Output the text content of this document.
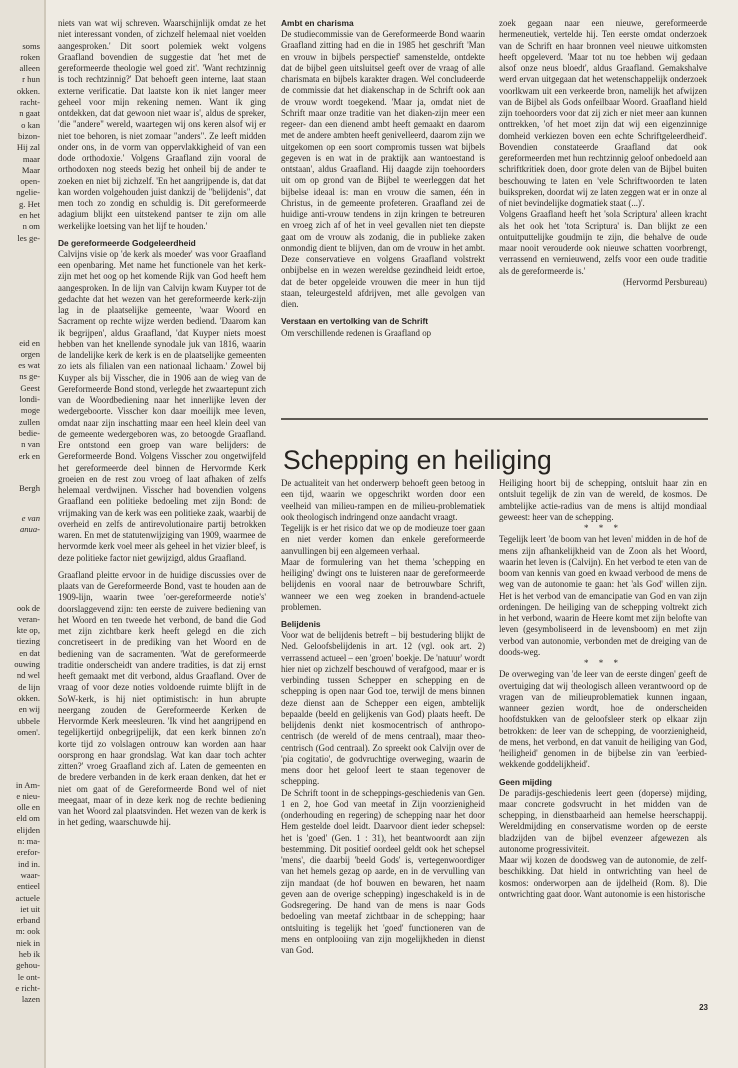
soms
roken
alleen
r hun
okken.
racht-
n gaat
o kan
bizon-
Hij zal
maar
Maar
open-
ngelie-
g. Het
en het
n om
les ge-

eid en
orgen
es wat
ns ge-
Geest
londi-
moge
zullen
bedie-
n van
erk en

Bergh

e van
anua-

ook de
veran-
kte op,
tiezing
en dat
ouwing
nd wel
de lijn
okken.
en wij
ubbele
omen'.

in Am-
e nieu-
olle en
eld om
elijden
n: ma-
erefor-
ind in.
waar-
entieel
actuele
iet uit
erband
m: ook
niek in
heb ik
gehou-
le ont-
e richt-
lazen

niets van wat wij schreven. Waarschijnlijk omdat ze het niet interessant vonden, of zichzelf helemaal niet voelden aangesproken.' Dit soort polemiek wekt volgens Graafland bovendien de suggestie dat 'het met de gereformeerde theologie wel goed zit'. 'Want rechtzinnig is toch rechtzinnig?' Dat behoeft geen interne, laat staan externe verificatie. Dat laatste kon ik niet langer meer geheel voor mijn rekening nemen. Want ik ging ontdekken, dat dat gewoon niet waar is', aldus de spreker, 'die "andere" wereld, waartegen wij ons keren alsof wij er niet toe behoren, is niet zomaar "anders". Ze leeft midden onder ons, in de vorm van oppervlakkigheid of van een dode orthodoxie.' Volgens Graafland zijn vooral de orthodoxen nog steeds bezig het onheil bij de ander te zoeken en niet bij zichzelf. 'En het aangrijpende is, dat dat kan worden volgehouden juist dankzij de "belijdenis", dat men toch zo zondig en schuldig is. Dit gereformeerde adagium blijkt een uitstekend pantser te zijn om alle werkelijke loetsing van het lijf te houden.'

De gereformeerde Godgeleerdheid

Calvijns visie op 'de kerk als moeder' was voor Graafland een openbaring. Met name het functionele van het kerk-zijn met het oog op het komende Rijk van God heeft hem aangesproken. In de lijn van Calvijn kwam Kuyper tot de gedachte dat het wezen van het gereformeerde kerk-zijn lag in de plaatselijke gemeente, 'waar Woord en Sacrament op rechte wijze werden bediend. 'Daarom kan ik begrijpen', aldus Graafland, 'dat Kuyper niets moest hebben van het knellende synodale juk van 1816, waarin de landelijke kerk de kerk is en de plaatselijke gemeenten zo iets als filialen van een nationaal lichaam.' Zowel bij Kuyper als bij Visscher, die in 1906 aan de wieg van de Gereformeerde Bond stond, verlegde het zwaartepunt zich van de Woordbediening naar het innerlijke leven der wedergeboorte. Visscher kon daar moeilijk mee leven, omdat naar zijn inschatting maar een heel klein deel van de gemeente wedergeboren was, zo betoogde Graafland. Ere ontstond een groep van ware belijders: de Gereformeerde Bond. Volgens Visscher zou ongetwijfeld het gereformeerde deel binnen de Hervormde Kerk groeien en de rest zou vroeg of laat afhaken of zelfs helemaal verdwijnen. Visscher had bovendien volgens Graafland een politieke bedoeling met zijn Bond: de vrijmaking van de kerk was een politieke zaak, waarbij de overheid en zelfs de antirevolutionaire partij betrokken waren. En met de statutenwijziging van 1909, waarmee de hervormde kerk voel meer als geheel in het vizier bleef, is deze politieke factor niet gewijzigd, aldus Graafland.

Graafland pleitte ervoor in de huidige discussies over de plaats van de Gereformeerde Bond, vast te houden aan de 1909-lijn, waarin twee 'oer-gereformeerde notie's' doorslaggevend zijn: ten eerste de zuivere bediening van het Woord en ten tweede het verbond, de band die God met zijn zichtbare kerk heeft gelegd en die zich concretiseert in de prediking van het Woord en de bediening van de sacramenten. 'Wat de gereformeerde traditie onderscheidt van andere tradities, is dat zij ernst heeft gemaakt met dit verbond, aldus Graafland. Over de vraag of voor deze noties voldoende ruimte blijft in de SoW-kerk, is hij niet optimistisch: in hun abrupte neergang zouden de Gereformeerde Kerken de Hervormde Kerk meesleuren. 'Ik vind het aangrijpend en tegelijkertijd onbegrijpelijk, dat een kerk binnen zo'n korte tijd zo volslagen ontrouw kan worden aan haar oorsprong en haar grondslag. Wat kan daar toch achter zitten?' vroeg Graafland zich af. Laten de gemeenten en de bredere verbanden in de kerk eraan denken, dat het er niet om gaat of de Gereformeerde Bond wel of niet meegaat, maar of in deze kerk nog de rechte bediening van het Woord zal plaatsvinden. Het wezen van de kerk is in het geding, waarschuwde hij.

Ambt en charisma

De studiecommissie van de Gereformeerde Bond waarin Graafland zitting had en die in 1985 het geschrift 'Man en vrouw in bijbels perspectief' samenstelde, ontdekte dat de bijbel geen uitsluitsel geeft over de vraag of alle charismata en bijbels karakter dragen. Wel concludeerde de commissie dat het diakenschap in de Schrift ook aan de vrouw wordt toegekend. 'Maar ja, omdat niet de Schrift maar onze traditie van het diaken-zijn meer een regeer- dan een dienend ambt heeft gemaakt en daarom met de andere ambten heeft genivelleerd, daarom zijn we uitgekomen op een soort compromis tussen wat bijbels gegeven is en wat in de praktijk aan wantoestand is ontstaan', aldus Graafland. Hij daagde zijn toehoorders uit om op grond van de Bijbel te weerleggen dat het bijbelse ideaal is: man en vrouw die samen, één in Christus, in de gemeente profeteren. Graafland zei de huidige anti-vrouw tendens in zijn kringen te betreuren en vroeg zich af of het in veel gevallen niet ten diepste gaat om de vrouw als zodanig, die in publieke zaken onmondig dient te blijven, dan om de vrouw in het ambt. Deze conservatieve en volgens Graafland volstrekt onbijbelse en in wezen wereldse gezindheid leidt ertoe, dat de beter opgeleide vrouwen die meer in hun tijd staan, teleurgesteld afdrijven, met alle gevolgen van dien.

Verstaan en vertolking van de Schrift

Om verschillende redenen is Graafland op

zoek gegaan naar een nieuwe, gereformeerde hermeneutiek, vertelde hij. Ten eerste omdat onderzoek van de Schrift en haar bronnen veel nieuwe uitkomsten heeft opgeleverd. 'Maar tot nu toe hebben wij gedaan alsof onze neus bloedt', aldus Graafland. Gemakshalve werd ervan uitgegaan dat het wetenschappelijk onderzoek voorlkwam uit een verkeerde bron, namelijk het afwijzen van de Bijbel als Gods onfeilbaar Woord. Graafland hield zijn toehoorders voor dat zij zich er niet meer aan kunnen onttrekken, 'of het moet zijn dat wij een eigenzinnige domheid verkiezen boven een echte Schriftgeleerdheid'. Bovendien constateerde Graafland dat ook gereformeerden met hun rechtzinnig geloof onbedoeld aan schriftkritiek doen, door grote delen van de Bijbel buiten beschouwing te laten en 'vele Schriftwoorden te laten buikspreken, doordat wij ze laten zeggen wat er in onze al of niet bevindelijke dogmatiek staat (...)'.

Volgens Graafland heeft het 'sola Scriptura' alleen kracht als het ook het 'tota Scriptura' is. Dan blijkt ze een ontuitputtelijke goudmijn te zijn, die behalve de oude maar nooit verouderde ook nieuwe schatten voorbrengt, verrassend en vernieuwend, zelfs voor een oude traditie als de gereformeerde is.'

(Hervormd Persbureau)

Schepping en heiliging

De actualiteit van het onderwerp behoeft geen betoog in een tijd, waarin we opgeschrikt worden door een veelheid van milieu-rampen en de milieu-problematiek ook theologisch indringend onze aandacht vraagt.

Tegelijk is er het risico dat we op de modieuze toer gaan en niet verder komen dan enkele gereformeerde aanvullingen bij een algemeen verhaal.

Maar de formulering van het thema 'schepping en heiliging' dwingt ons te luisteren naar de gereformeerde belijdenis en vooral naar de betrouwbare Schrift, wanneer we een weg zoeken in brandend-actuele problemen.

Belijdenis

Voor wat de belijdenis betreft – bij bestudering blijkt de Ned. Geloofsbelijdenis in art. 12 (vgl. ook art. 2) verrassend actueel – een 'groen' boekje. De 'natuur' wordt hier niet op zichzelf beschouwd of verafgood, maar er is verbinding tussen Schepper en schepping en de schepping is open naar God toe, terwijl de mens binnen deze dienst aan de Schepper een eigen, ambtelijk bepaalde (beeld en gelijkenis van God) plaats heeft. De belijdenis denkt niet kosmocentrisch of anthropo-centrisch (de wereld of de mens centraal), maar theo-centrisch (God centraal). Zo spreekt ook Calvijn over de 'pia cogitatio', de godvruchtige overweging, waarin de mens door het geloof leert te staan tegenover de schepping.

De Schrift toont in de scheppings-geschiedenis van Gen. 1 en 2, hoe God van meetaf in Zijn voorzienigheid (onderhouding en regering) de schepping naar het door Hem gestelde doel leidt. Daarvoor dient ieder schepsel: het is 'goed' (Gen. 1 : 31), het beantwoordt aan zijn bestemming. Dit positief oordeel geldt ook het schepsel 'mens', die daarbij 'beeld Gods' is, vertegenwoordiger van het hemels gezag op aarde, en in de vervulling van zijn mandaat (de hof bouwen en bewaren, het naam geven aan de overige schepping) ingeschakeld is in de Godsregering. De hand van de mens is naar Gods bedoeling van meetaf zichtbaar in de schepping; haar ontsluiting is tegelijk het 'goed' functioneren van de mens en ontplooiing van zijn mogelijkheden in dienst van God.

Heiliging hoort bij de schepping, ontsluit haar zin en ontsluit tegelijk de zin van de wereld, de kosmos. De ambtelijke actie-radius van de mens is altijd mondiaal geweest: heer van de schepping.

* * *

Tegelijk leert 'de boom van het leven' midden in de hof de mens zijn afhankelijkheid van de Zoon als het Woord, waarin het leven is (Calvijn). En het verbod te eten van de boom van kennis van goed en kwaad verbood de mens de weg van de autonomie te gaan: het 'als God' willen zijn. Het is het verbod van de emancipatie van God en van zijn ordeningen. De heiliging van de schepping voltrekt zich in het verbond, waarin de Heere komt met zijn belofte van leven (gesymboliseerd in de levensboom) en met zijn verbod van autonomie, verbonden met de dreiging van de doods-weg.

* * *

De overweging van 'de leer van de eerste dingen' geeft de overtuiging dat wij theologisch alleen verantwoord op de vragen van de milieuproblematiek kunnen ingaan, wanneer gezien wordt, hoe de onderscheiden hoofdstukken van de geloofsleer sterk op elkaar zijn betrokken: de leer van de schepping, de voorzienigheid, de mens, het verbond, en dat vanuit de heiliging van God, 'heiligheid' genomen in de bijbelse zin van 'eerbied-wekkende goddelijkheid'.

Geen mijding

De paradijs-geschiedenis leert geen (doperse) mijding, maar concrete godsvrucht in het midden van de schepping, in dienstbaarheid aan hemelse heerschappij. Wereldmijding en conservatisme worden op de eerste bladzijden van de bijbel evenzeer afgewezen als autonome progressiviteit.

Maar wij kozen de doodsweg van de autonomie, de zelf-beschikking. Dat hield in ontwrichting van heel de kosmos: onderworpen aan de ijdelheid (Rom. 8). Die ontwrichting gaat door. Want autonomie is een historische

23
